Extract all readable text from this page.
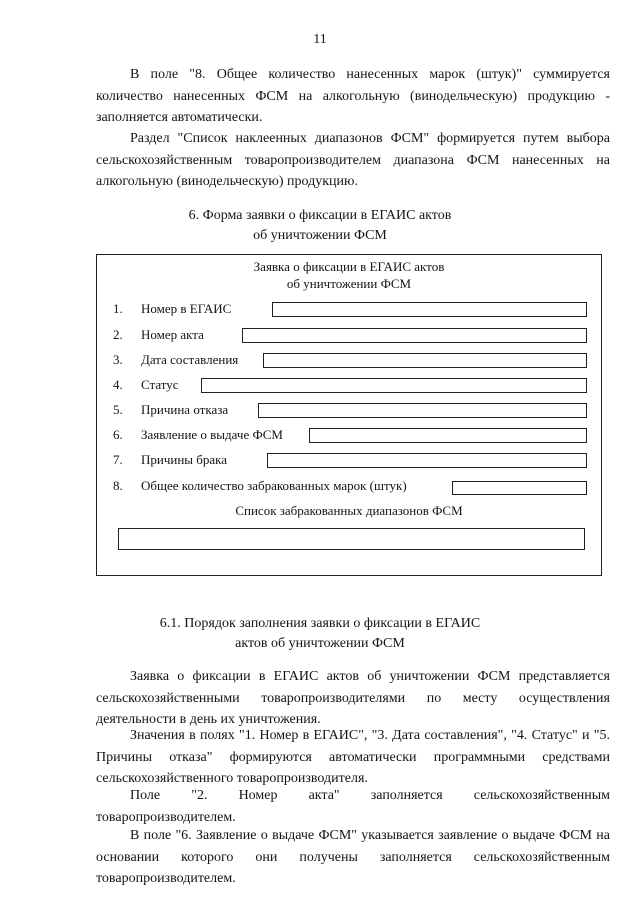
11
В поле "8. Общее количество нанесенных марок (штук)" суммируется количество нанесенных ФСМ на алкогольную (винодельческую) продукцию - заполняется автоматически.
Раздел "Список наклеенных диапазонов ФСМ" формируется путем выбора сельскохозяйственным товаропроизводителем диапазона ФСМ нанесенных на алкогольную (винодельческую) продукцию.
6. Форма заявки о фиксации в ЕГАИС актов
об уничтожении ФСМ
Заявка о фиксации в ЕГАИС актов
об уничтожении ФСМ
1. Номер в ЕГАИС
2. Номер акта
3. Дата составления
4. Статус
5. Причина отказа
6. Заявление о выдаче ФСМ
7. Причины брака
8. Общее количество забракованных марок (штук)
Список забракованных диапазонов ФСМ
6.1. Порядок заполнения заявки о фиксации в ЕГАИС
актов об уничтожении ФСМ
Заявка о фиксации в ЕГАИС актов об уничтожении ФСМ представляется сельскохозяйственными товаропроизводителями по месту осуществления деятельности в день их уничтожения.
Значения в полях "1. Номер в ЕГАИС", "3. Дата составления", "4. Статус" и "5. Причины отказа" формируются автоматически программными средствами сельскохозяйственного товаропроизводителя.
Поле "2. Номер акта" заполняется сельскохозяйственным товаропроизводителем.
В поле "6. Заявление о выдаче ФСМ" указывается заявление о выдаче ФСМ на основании которого они получены заполняется сельскохозяйственным товаропроизводителем.
